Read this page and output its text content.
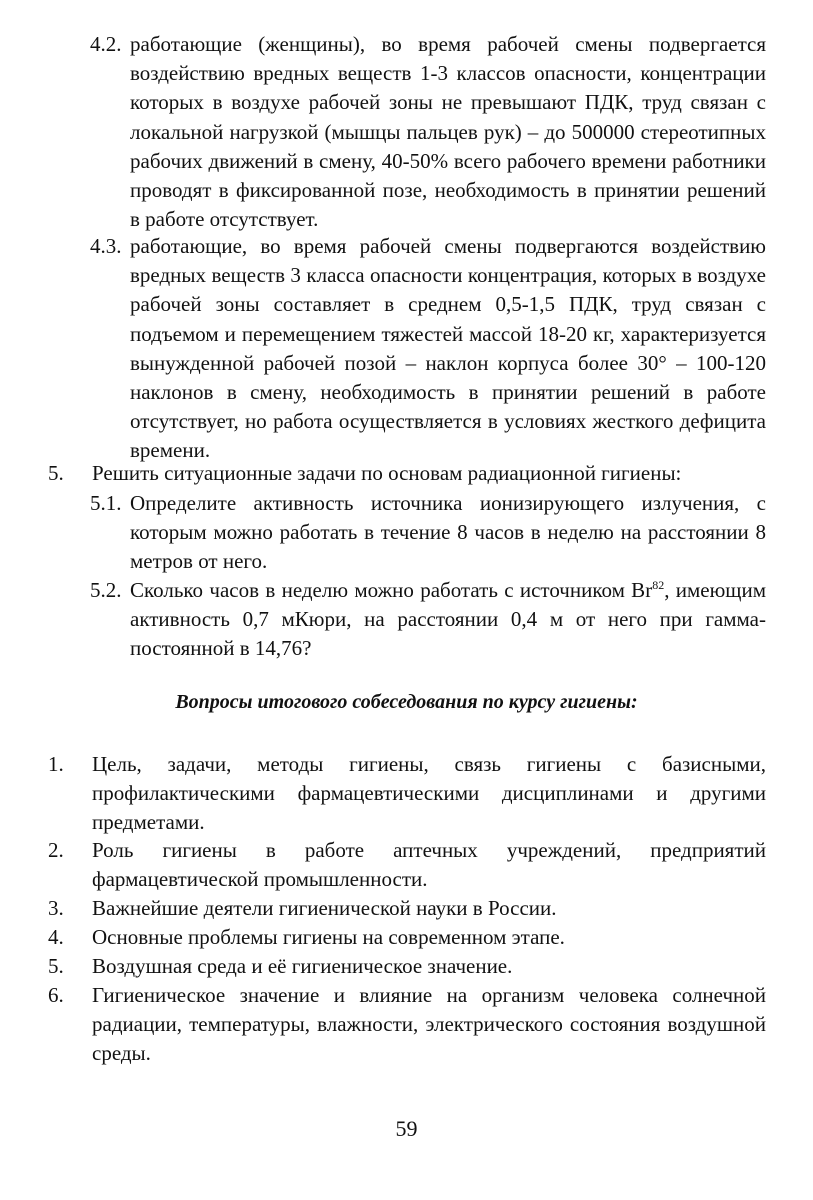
4.2. работающие (женщины), во время рабочей смены подвергается воздействию вредных веществ 1-3 классов опасности, концентрации которых в воздухе рабочей зоны не превышают ПДК, труд связан с локальной нагрузкой (мышцы пальцев рук) – до 500000 стереотипных рабочих движений в смену, 40-50% всего рабочего времени работники проводят в фиксированной позе, необходимость в принятии решений в работе отсутствует.
4.3. работающие, во время рабочей смены подвергаются воздействию вредных веществ 3 класса опасности концентрация, которых в воздухе рабочей зоны составляет в среднем 0,5-1,5 ПДК, труд связан с подъемом и перемещением тяжестей массой 18-20 кг, характеризуется вынужденной рабочей позой – наклон корпуса более 30° – 100-120 наклонов в смену, необходимость в принятии решений в работе отсутствует, но работа осуществляется в условиях жесткого дефицита времени.
5. Решить ситуационные задачи по основам радиационной гигиены:
5.1. Определите активность источника ионизирующего излучения, с которым можно работать в течение 8 часов в неделю на расстоянии 8 метров от него.
5.2. Сколько часов в неделю можно работать с источником Br$^{82}$, имеющим активность 0,7 мКюри, на расстоянии 0,4 м от него при гамма-постоянной в 14,76?
Вопросы итогового собеседования по курсу гигиены:
1. Цель, задачи, методы гигиены, связь гигиены с базисными, профилактическими фармацевтическими дисциплинами и другими предметами.
2. Роль гигиены в работе аптечных учреждений, предприятий фармацевтической промышленности.
3. Важнейшие деятели гигиенической науки в России.
4. Основные проблемы гигиены на современном этапе.
5. Воздушная среда и её гигиеническое значение.
6. Гигиеническое значение и влияние на организм человека солнечной радиации, температуры, влажности, электрического состояния воздушной среды.
59
